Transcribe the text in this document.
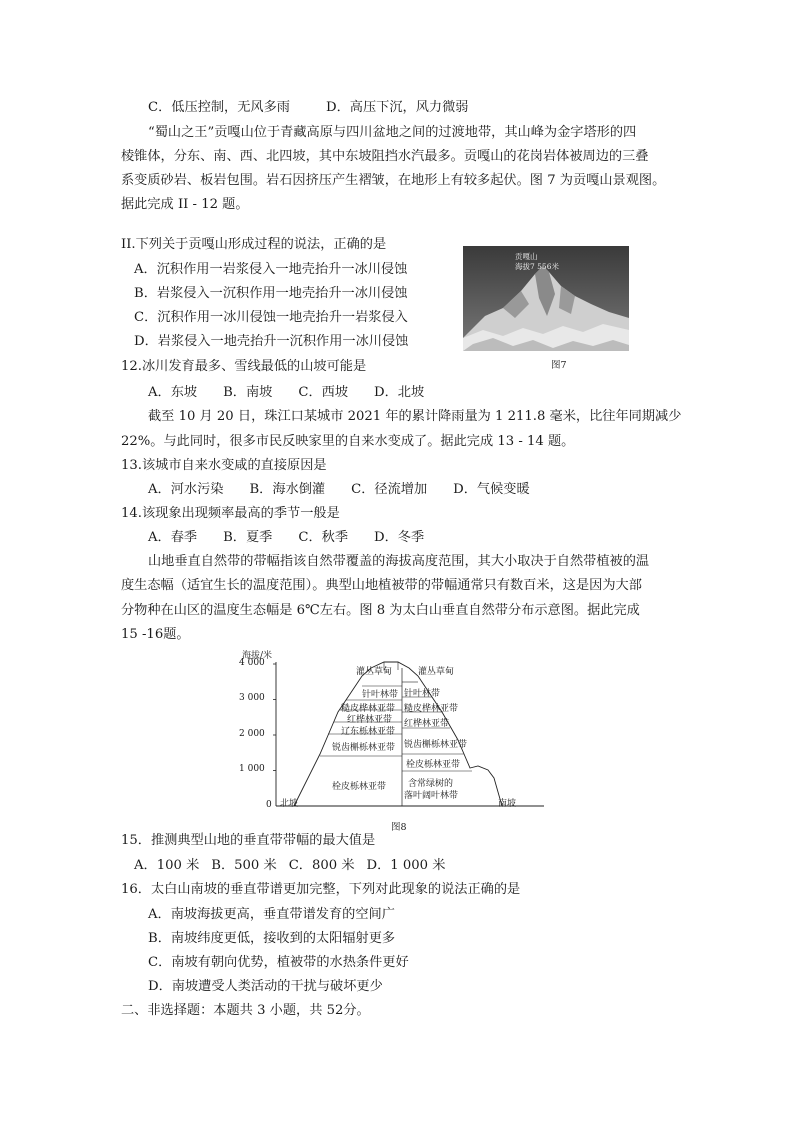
C．低压控制，无风多雨	D．高压下沉，风力微弱
“蜀山之王”贡嘎山位于青藏高原与四川盆地之间的过渡地带，其山峰为金字塔形的四
棱锥体，分东、南、西、北四坡，其中东坡阻挡水汽最多。贡嘎山的花岗岩体被周边的三叠
系变质砂岩、板岩包围。岩石因挤压产生褶皱，在地形上有较多起伏。图 7 为贡嘎山景观图。
据此完成 II - 12 题。
II.下列关于贡嘎山形成过程的说法，正确的是
A．沉积作用一岩浆侵入一地壳抬升一冰川侵蚀
B．岩浆侵入一沉积作用一地壳抬升一冰川侵蚀
C．沉积作用一冰川侵蚀一地壳抬升一岩浆侵入
D．岩浆侵入一地壳抬升一沉积作用一冰川侵蚀
贡嘎山
海拔7 556米
图7
12.冰川发育最多、雪线最低的山坡可能是
A．东坡 B．南坡 C．西坡 D．北坡
截至 10 月 20 日，珠江口某城市 2021 年的累计降雨量为 1 211.8 毫米，比往年同期减少
22%。与此同时，很多市民反映家里的自来水变成了。据此完成 13 - 14 题。
13.该城市自来水变咸的直接原因是
A．河水污染 B．海水倒灌 C．径流增加 D．气候变暖
14.该现象出现频率最高的季节一般是
A．春季 B．夏季 C．秋季 D．冬季
山地垂直自然带的带幅指该自然带覆盖的海拔高度范围，其大小取决于自然带植被的温
度生态幅（适宜生长的温度范围）。典型山地植被带的带幅通常只有数百米，这是因为大部
分物种在山区的温度生态幅是 6℃左右。图 8 为太白山垂直自然带分布示意图。据此完成
15 -16题。
海拔/米
4 000
3 000
2 000
1 000
0 北坡	南坡
灌丛草甸
针叶林带
糙皮桦林亚带
红桦林亚带
辽东栎林亚带
锐齿槲栎林亚带
栓皮栎林亚带
灌丛草甸
针叶林带
糙皮桦林亚带
红桦林亚带
锐齿槲栎林亚带
栓皮栎林亚带
含常绿树的
落叶阔叶林带
图8
15．推测典型山地的垂直带带幅的最大值是
A．100 米 B．500 米 C．800 米 D．1 000 米
16．太白山南坡的垂直带谱更加完整，下列对此现象的说法正确的是
A．南坡海拔更高，垂直带谱发育的空间广
B．南坡纬度更低，接收到的太阳辐射更多
C．南坡有朝向优势，植被带的水热条件更好
D．南坡遭受人类活动的干扰与破坏更少
二、非选择题：本题共 3 小题，共 52分。
